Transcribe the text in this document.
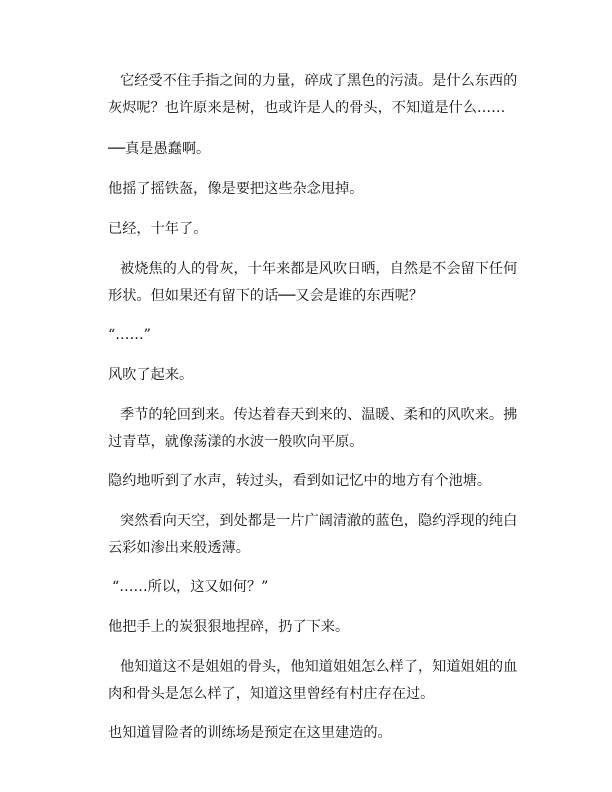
它经受不住手指之间的力量，碎成了黑色的污渍。是什么东西的
灰烬呢？也许原来是树，也或许是人的骨头，不知道是什么……

──真是愚蠢啊。

他摇了摇铁盔，像是要把这些杂念甩掉。

已经，十年了。

被烧焦的人的骨灰，十年来都是风吹日晒，自然是不会留下任何
形状。但如果还有留下的话──又会是谁的东西呢？

“……”

风吹了起来。

季节的轮回到来。传达着春天到来的、温暖、柔和的风吹来。拂
过青草，就像荡漾的水波一般吹向平原。

隐约地听到了水声，转过头，看到如记忆中的地方有个池塘。

突然看向天空，到处都是一片广阔清澈的蓝色，隐约浮现的纯白
云彩如渗出来般透薄。

“……所以，这又如何？”

他把手上的炭狠狠地捏碎，扔了下来。

他知道这不是姐姐的骨头，他知道姐姐怎么样了，知道姐姐的血
肉和骨头是怎么样了，知道这里曾经有村庄存在过。

也知道冒险者的训练场是预定在这里建造的。
